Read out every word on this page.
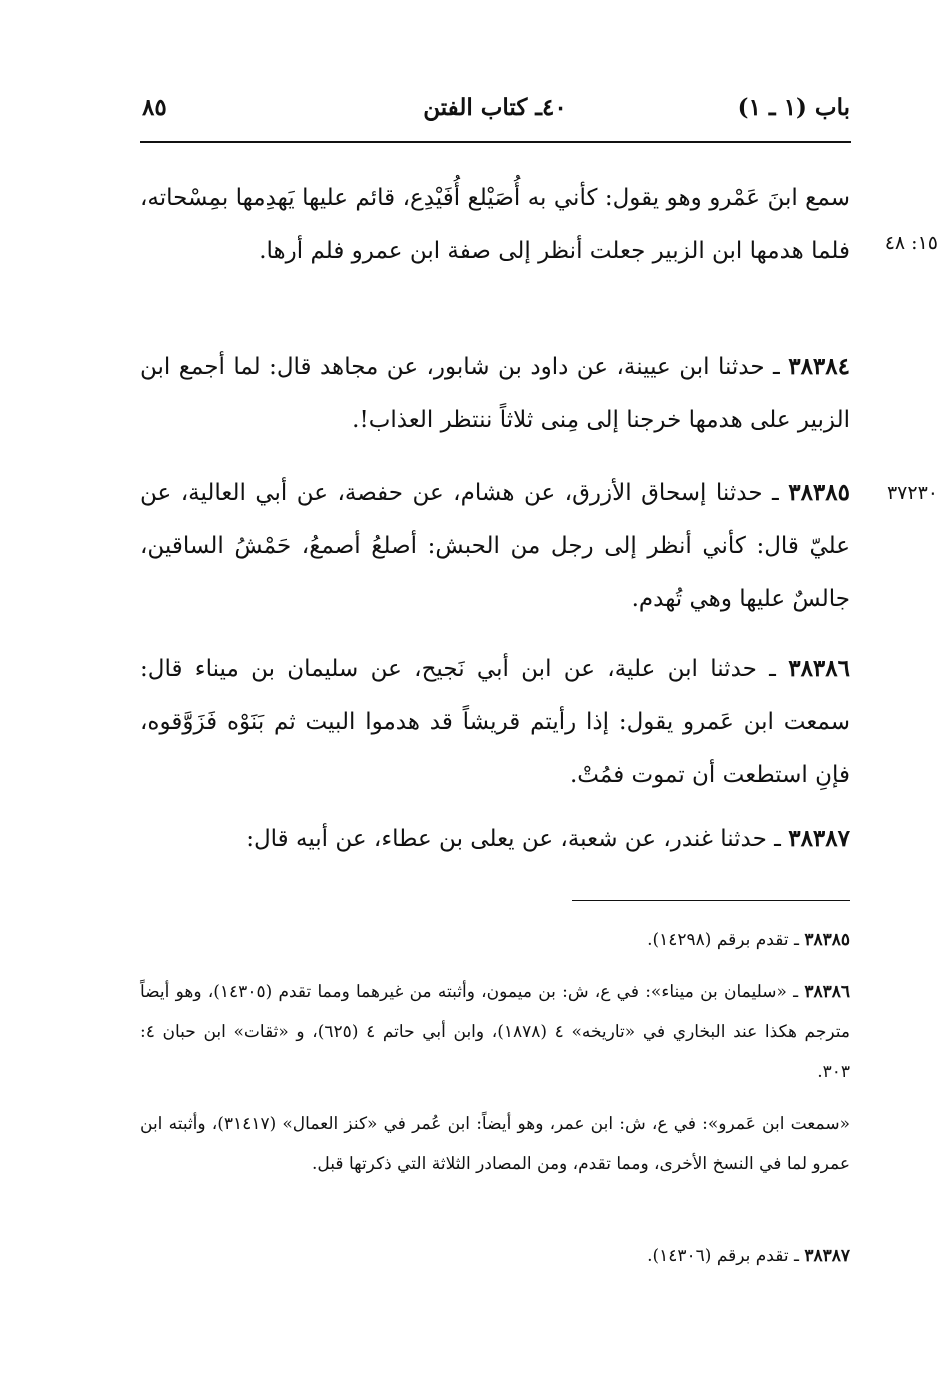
باب (١ ـ ١)
٤٠ـ كتاب الفتن
٨٥

سمع ابنَ عَمْرو وهو يقول: كأني به أُصَيْلع أُفَيْدِع، قائم عليها يَهدِمها بمِسْحاته، فلما هدمها ابن الزبير جعلت أنظر إلى صفة ابن عمرو فلم أرها. ١٥: ٤٨

٣٨٣٨٤ ـ حدثنا ابن عيينة، عن داود بن شابور، عن مجاهد قال: لما أجمع ابن الزبير على هدمها خرجنا إلى مِنى ثلاثاً ننتظر العذاب!.

٣٨٣٨٥ ـ حدثنا إسحاق الأزرق، عن هشام، عن حفصة، عن أبي العالية، عن عليّ قال: كأني أنظر إلى رجل من الحبش: أصلعُ أصمعُ، حَمْشُ الساقين، جالسٌ عليها وهي تُهدم.

٣٧٢٣٠

٣٨٣٨٦ ـ حدثنا ابن علية، عن ابن أبي نَجيح، عن سليمان بن ميناء قال: سمعت ابن عَمرو يقول: إذا رأيتم قريشاً قد هدموا البيت ثم بَنَوْه فَزَوَّقوه، فإنِ استطعت أن تموت فمُتْ.

٣٨٣٨٧ ـ حدثنا غندر، عن شعبة، عن يعلى بن عطاء، عن أبيه قال:

٣٨٣٨٥ ـ تقدم برقم (١٤٢٩٨).

٣٨٣٨٦ ـ «سليمان بن ميناء»: في ع، ش: بن ميمون، وأثبته من غيرهما ومما تقدم (١٤٣٠٥)، وهو أيضاً مترجم هكذا عند البخاري في «تاريخه» ٤ (١٨٧٨)، وابن أبي حاتم ٤ (٦٢٥)، و «ثقات» ابن حبان ٤: ٣٠٣.

«سمعت ابن عَمرو»: في ع، ش: ابن عمر، وهو أيضاً: ابن عُمر في «كنز العمال» (٣١٤١٧)، وأثبته ابن عمرو لما في النسخ الأخرى، ومما تقدم، ومن المصادر الثلاثة التي ذكرتها قبل.

٣٨٣٨٧ ـ تقدم برقم (١٤٣٠٦).
